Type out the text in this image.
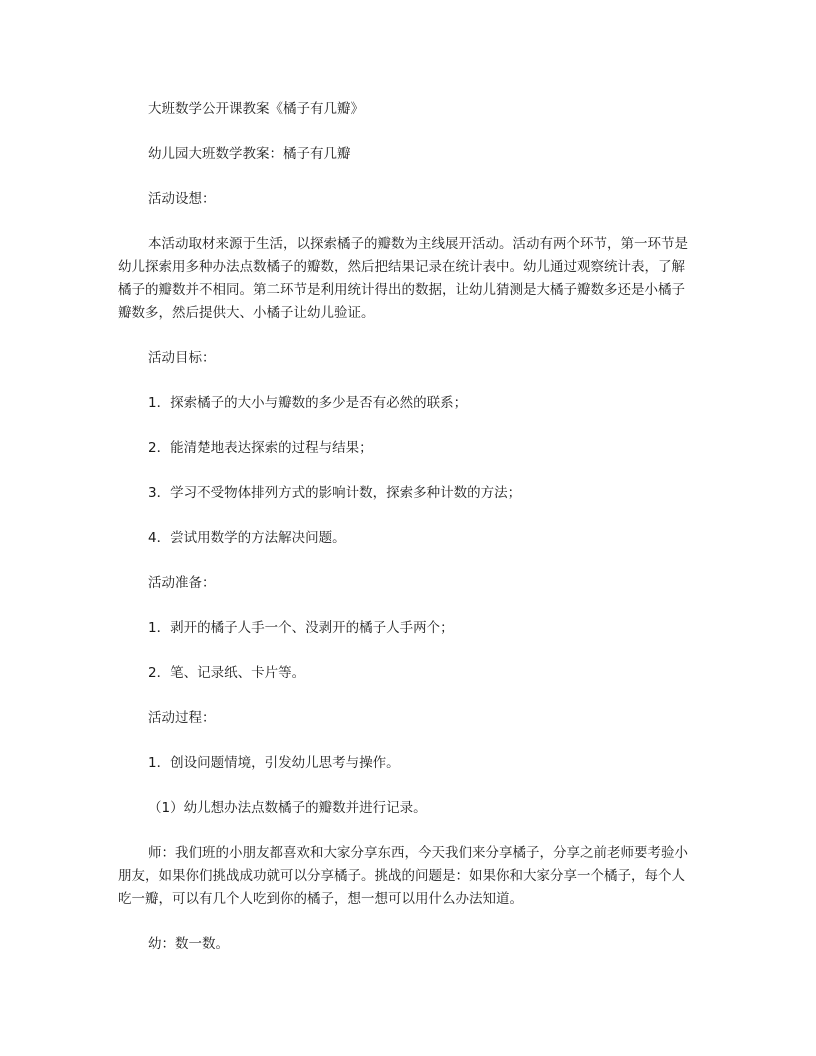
大班数学公开课教案《橘子有几瓣》

幼儿园大班数学教案：橘子有几瓣

活动设想：

本活动取材来源于生活，以探索橘子的瓣数为主线展开活动。活动有两个环节，第一环节是幼儿探索用多种办法点数橘子的瓣数，然后把结果记录在统计表中。幼儿通过观察统计表，了解橘子的瓣数并不相同。第二环节是利用统计得出的数据，让幼儿猜测是大橘子瓣数多还是小橘子瓣数多，然后提供大、小橘子让幼儿验证。

活动目标：

1．探索橘子的大小与瓣数的多少是否有必然的联系；

2．能清楚地表达探索的过程与结果；

3．学习不受物体排列方式的影响计数，探索多种计数的方法；

4．尝试用数学的方法解决问题。

活动准备：

1．剥开的橘子人手一个、没剥开的橘子人手两个；

2．笔、记录纸、卡片等。

活动过程：

1．创设问题情境，引发幼儿思考与操作。

（1）幼儿想办法点数橘子的瓣数并进行记录。

师：我们班的小朋友都喜欢和大家分享东西，今天我们来分享橘子，分享之前老师要考验小朋友，如果你们挑战成功就可以分享橘子。挑战的问题是：如果你和大家分享一个橘子，每个人吃一瓣，可以有几个人吃到你的橘子，想一想可以用什么办法知道。

幼：数一数。
